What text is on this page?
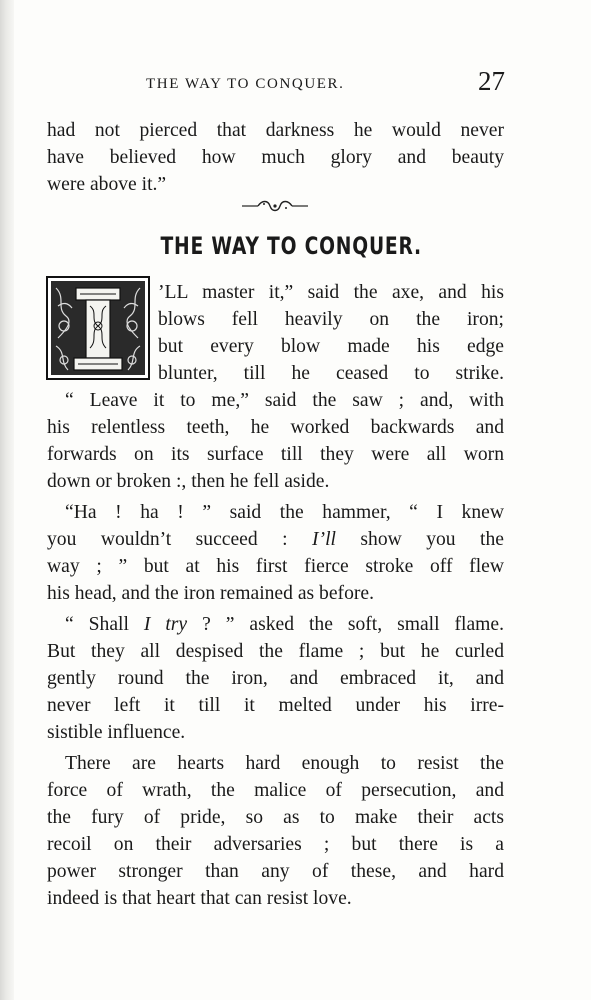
THE WAY TO CONQUER.	27
had not pierced that darkness he would never
have believed how much glory and beauty
were above it.”
THE WAY TO CONQUER.
’LL master it,” said the axe, and his
blows fell heavily on the iron;
but every blow made his edge
blunter, till he ceased to strike.
“ Leave it to me,” said the saw ; and, with
his relentless teeth, he worked backwards and
forwards on its surface till they were all worn
down or broken :, then he fell aside.
“Ha ! ha ! ” said the hammer, “ I knew
you wouldn’t succeed : I’ll show you the
way ; ” but at his first fierce stroke off flew
his head, and the iron remained as before.
“ Shall I try ? ” asked the soft, small flame.
But they all despised the flame ; but he curled
gently round the iron, and embraced it, and
never left it till it melted under his irre-
sistible influence.
There are hearts hard enough to resist the
force of wrath, the malice of persecution, and
the fury of pride, so as to make their acts
recoil on their adversaries ; but there is a
power stronger than any of these, and hard
indeed is that heart that can resist love.
